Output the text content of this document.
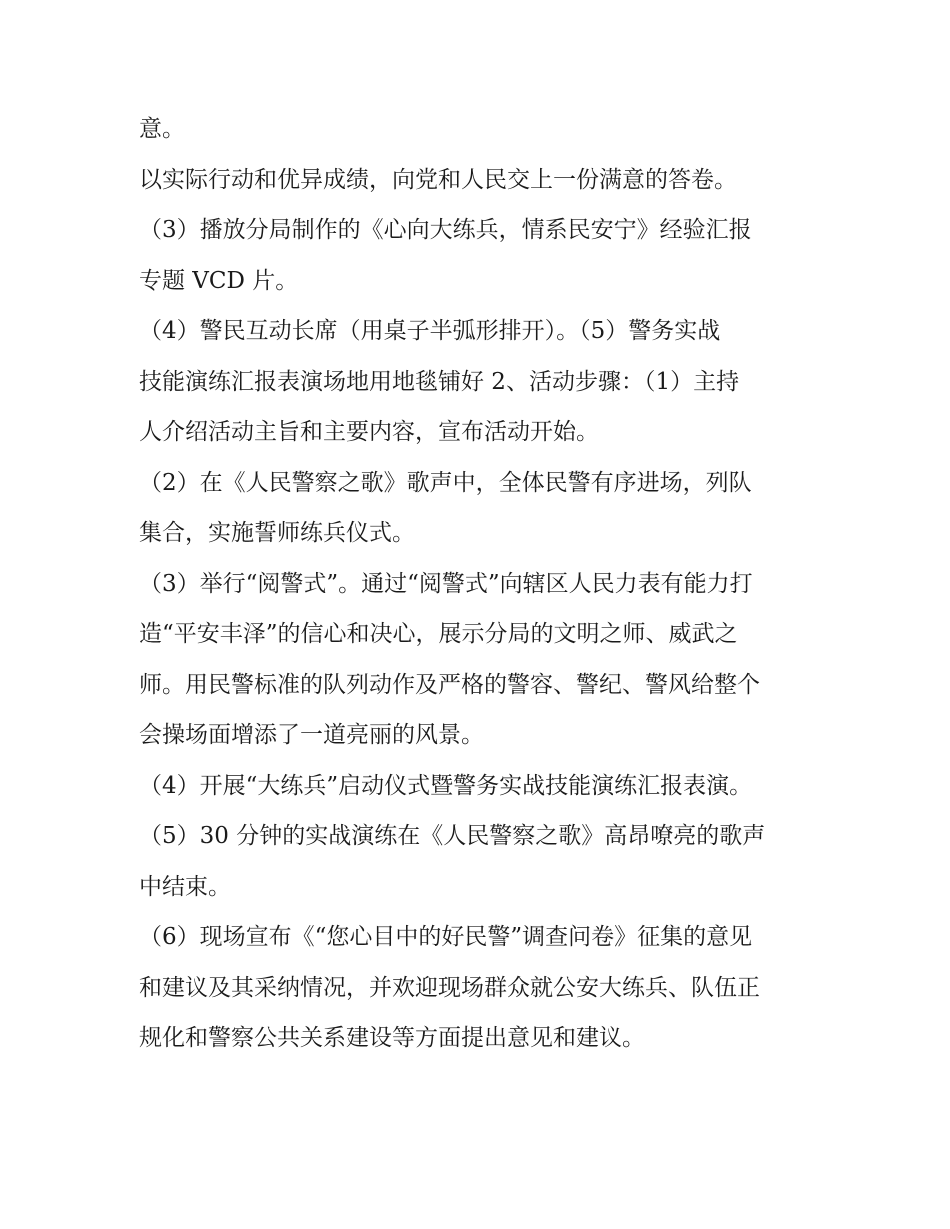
意。
以实际行动和优异成绩，向党和人民交上一份满意的答卷。
（3）播放分局制作的《心向大练兵，情系民安宁》经验汇报
专题 VCD 片。
（4）警民互动长席（用桌子半弧形排开）。（5）警务实战
技能演练汇报表演场地用地毯铺好 2、活动步骤：（1）主持
人介绍活动主旨和主要内容，宣布活动开始。
（2）在《人民警察之歌》歌声中，全体民警有序进场，列队
集合，实施誓师练兵仪式。
（3）举行“阅警式”。通过“阅警式”向辖区人民力表有能力打
造“平安丰泽”的信心和决心，展示分局的文明之师、威武之
师。用民警标准的队列动作及严格的警容、警纪、警风给整个
会操场面增添了一道亮丽的风景。
（4）开展“大练兵”启动仪式暨警务实战技能演练汇报表演。
（5）30 分钟的实战演练在《人民警察之歌》高昂嘹亮的歌声
中结束。
（6）现场宣布《“您心目中的好民警”调查问卷》征集的意见
和建议及其采纳情况，并欢迎现场群众就公安大练兵、队伍正
规化和警察公共关系建设等方面提出意见和建议。
